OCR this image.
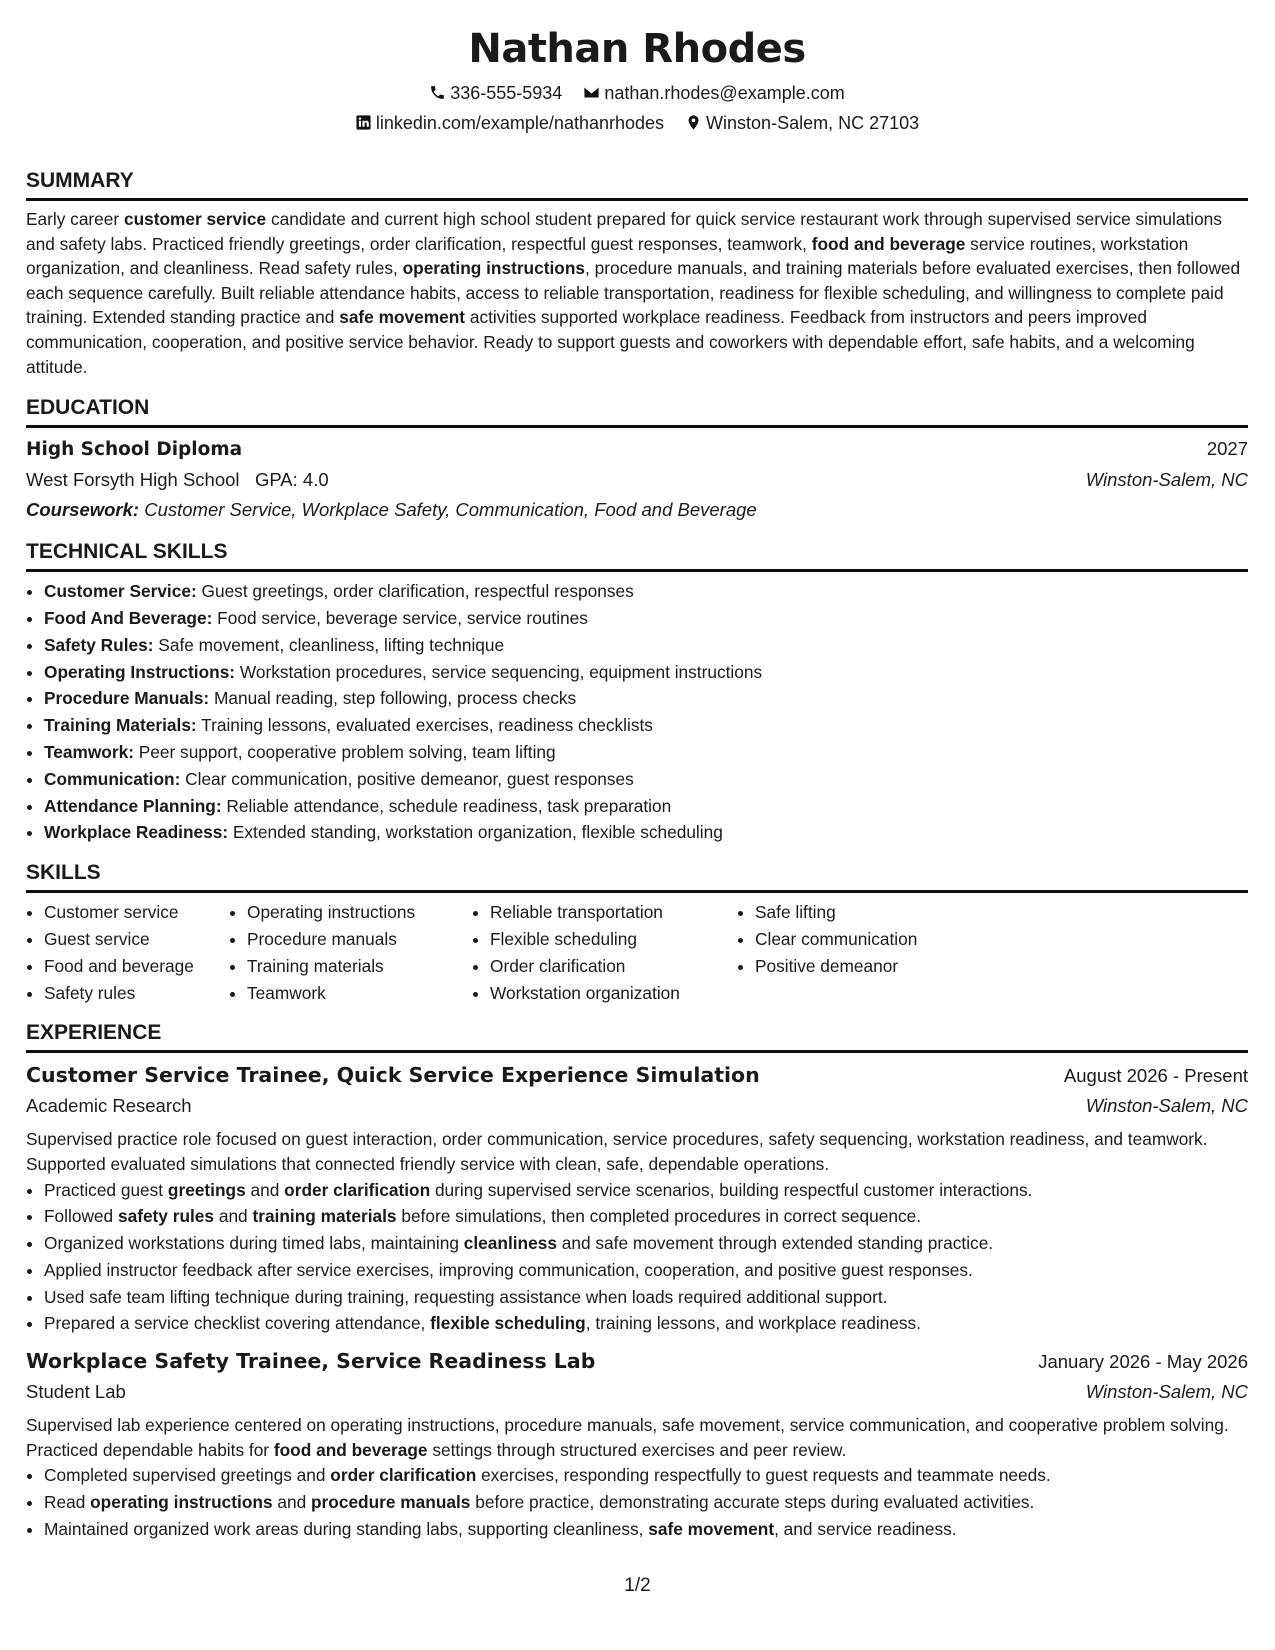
Nathan Rhodes
336-555-5934 nathan.rhodes@example.com
linkedin.com/example/nathanrhodes Winston-Salem, NC 27103
SUMMARY

Early career customer service candidate and current high school student prepared for quick service restaurant work through supervised service simulations and safety labs. Practiced friendly greetings, order clarification, respectful guest responses, teamwork, food and beverage service routines, workstation organization, and cleanliness. Read safety rules, operating instructions, procedure manuals, and training materials before evaluated exercises, then followed each sequence carefully. Built reliable attendance habits, access to reliable transportation, readiness for flexible scheduling, and willingness to complete paid training. Extended standing practice and safe movement activities supported workplace readiness. Feedback from instructors and peers improved communication, cooperation, and positive service behavior. Ready to support guests and coworkers with dependable effort, safe habits, and a welcoming attitude.

EDUCATION
High School Diploma	2027
West Forsyth High School GPA: 4.0	Winston-Salem, NC
Coursework: Customer Service, Workplace Safety, Communication, Food and Beverage
TECHNICAL SKILLS
• Customer Service: Guest greetings, order clarification, respectful responses
• Food And Beverage: Food service, beverage service, service routines
• Safety Rules: Safe movement, cleanliness, lifting technique
• Operating Instructions: Workstation procedures, service sequencing, equipment instructions
• Procedure Manuals: Manual reading, step following, process checks
• Training Materials: Training lessons, evaluated exercises, readiness checklists
• Teamwork: Peer support, cooperative problem solving, team lifting
• Communication: Clear communication, positive demeanor, guest responses
• Attendance Planning: Reliable attendance, schedule readiness, task preparation
• Workplace Readiness: Extended standing, workstation organization, flexible scheduling
SKILLS
• Customer service
• Guest service
• Food and beverage
• Safety rules
• Operating instructions
• Procedure manuals
• Training materials
• Teamwork
• Reliable transportation
• Flexible scheduling
• Order clarification
• Workstation organization
• Safe lifting
• Clear communication
• Positive demeanor
EXPERIENCE
Customer Service Trainee, Quick Service Experience Simulation	August 2026 - Present
Academic Research	Winston-Salem, NC
Supervised practice role focused on guest interaction, order communication, service procedures, safety sequencing, workstation readiness, and teamwork. Supported evaluated simulations that connected friendly service with clean, safe, dependable operations.
• Practiced guest greetings and order clarification during supervised service scenarios, building respectful customer interactions.
• Followed safety rules and training materials before simulations, then completed procedures in correct sequence.
• Organized workstations during timed labs, maintaining cleanliness and safe movement through extended standing practice.
• Applied instructor feedback after service exercises, improving communication, cooperation, and positive guest responses.
• Used safe team lifting technique during training, requesting assistance when loads required additional support.
• Prepared a service checklist covering attendance, flexible scheduling, training lessons, and workplace readiness.
Workplace Safety Trainee, Service Readiness Lab	January 2026 - May 2026
Student Lab	Winston-Salem, NC
Supervised lab experience centered on operating instructions, procedure manuals, safe movement, service communication, and cooperative problem solving. Practiced dependable habits for food and beverage settings through structured exercises and peer review.
• Completed supervised greetings and order clarification exercises, responding respectfully to guest requests and teammate needs.
• Read operating instructions and procedure manuals before practice, demonstrating accurate steps during evaluated activities.
• Maintained organized work areas during standing labs, supporting cleanliness, safe movement, and service readiness.
1/2
